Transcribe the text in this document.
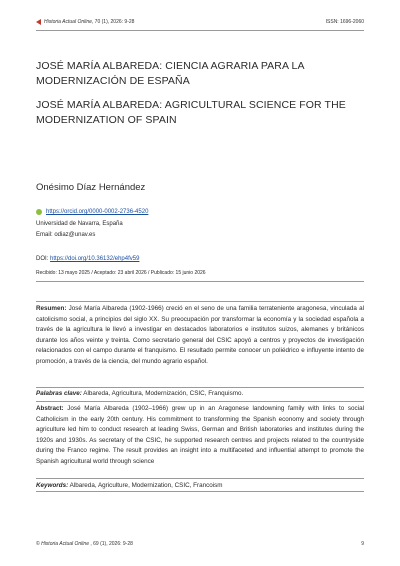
Historia Actual Online , 70 (1), 2026: 9-28	ISSN: 1696-2060
JOSÉ MARÍA ALBAREDA: CIENCIA AGRARIA PARA LA MODERNIZACIÓN DE ESPAÑA
JOSÉ MARÍA ALBAREDA: AGRICULTURAL SCIENCE FOR THE MODERNIZATION OF SPAIN
Onésimo Díaz Hernández
https://orcid.org/0000-0002-2736-4520
Universidad de Navarra, España
Email: odiaz@unav.es
DOI: https://doi.org/10.36132/ehp4fv59
Recibido: 13 mayo 2025 / Aceptado: 23 abril 2026 / Publicado: 15 junio 2026
Resumen: José María Albareda (1902-1966) creció en el seno de una familia terrateniente aragonesa, vinculada al catolicismo social, a principios del siglo XX. Su preocupación por transformar la economía y la sociedad española a través de la agricultura le llevó a investigar en destacados laboratorios e institutos suizos, alemanes y británicos durante los años veinte y treinta. Como secretario general del CSIC apoyó a centros y proyectos de investigación relacionados con el campo durante el franquismo. El resultado permite conocer un poliédrico e influyente intento de promoción, a través de la ciencia, del mundo agrario español.
Palabras clave: Albareda, Agricultura, Modernización, CSIC, Franquismo.
Abstract: José María Albareda (1902–1966) grew up in an Aragonese landowning family with links to social Catholicism in the early 20th century. His commitment to transforming the Spanish economy and society through agriculture led him to conduct research at leading Swiss, German and British laboratories and institutes during the 1920s and 1930s. As secretary of the CSIC, he supported research centres and projects related to the countryside during the Franco regime. The result provides an insight into a multifaceted and influential attempt to promote the Spanish agricultural world through science
Keywords: Albareda, Agriculture, Modernization, CSIC, Francoism
© Historia Actual Online , 69 (1), 2026: 9-28	9
